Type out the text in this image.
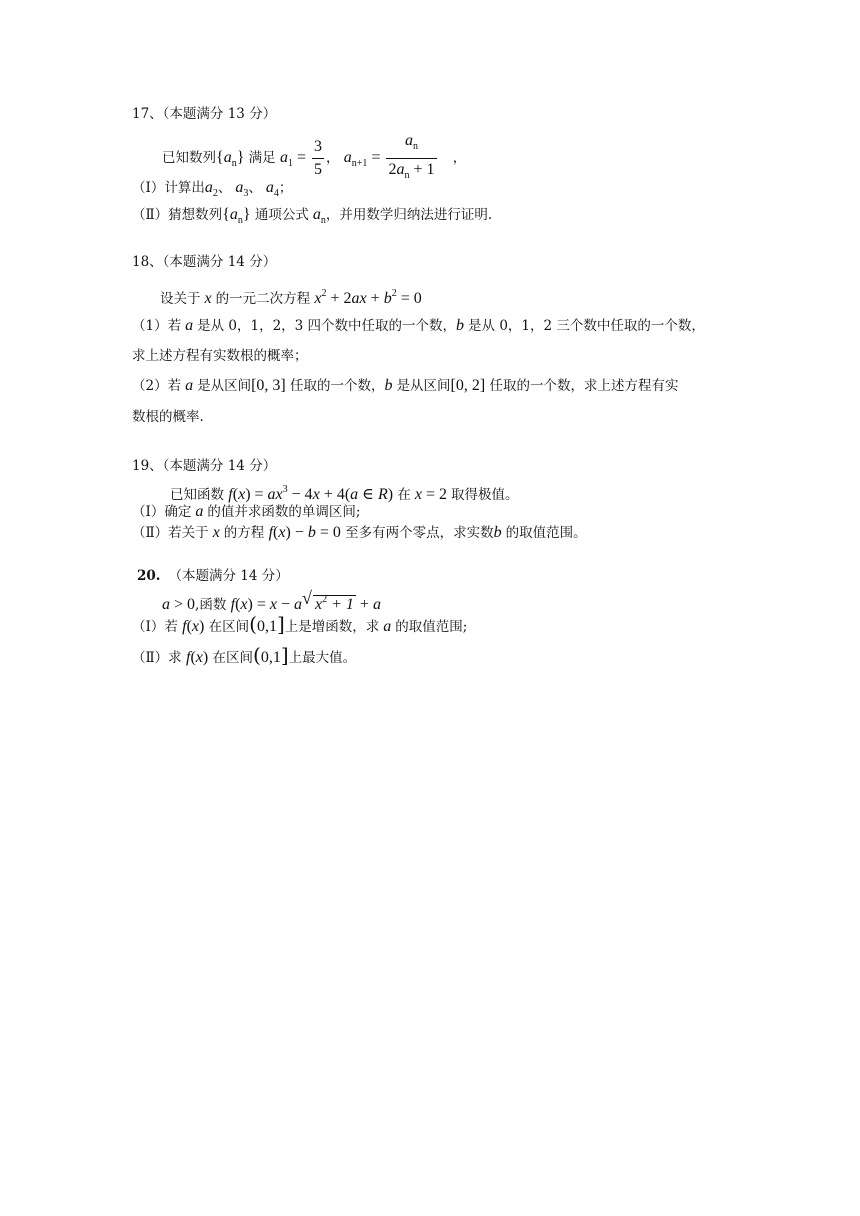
17、（本题满分 13 分）
已知数列$\{a_n\}$ 满足 $a_1 = \frac{3}{5}$ ， $a_{n+1} = \frac{a_n}{2a_n + 1}$ ，
（Ⅰ）计算出$a_2$、 $a_3$、 $a_4$；
（Ⅱ）猜想数列$\{a_n\}$ 通项公式 $a_n$，并用数学归纳法进行证明.
18、（本题满分 14 分）
设关于 x 的一元二次方程 $x^2 + 2ax + b^2 = 0$
（1）若 a 是从 0，1，2，3 四个数中任取的一个数，b 是从 0，1，2 三个数中任取的一个数，
求上述方程有实数根的概率；
（2）若 a 是从区间[0, 3] 任取的一个数，b 是从区间[0, 2] 任取的一个数，求上述方程有实
数根的概率.
19、（本题满分 14 分）
已知函数 $f(x) = ax^3 - 4x + 4(a$ ∈ R) 在 x = 2 取得极值。
（Ⅰ）确定 a 的值并求函数的单调区间;
（Ⅱ）若关于 x 的方程 f(x) − b = 0 至多有两个零点，求实数b 的取值范围。
20. （本题满分 14 分）
a > 0,函数 f(x) = x − a √ $x^2 + 1 + a$
（Ⅰ）若 f(x) 在区间(0,1]上是增函数，求 a 的取值范围;
（Ⅱ）求 f(x) 在区间(0,1]上最大值。
